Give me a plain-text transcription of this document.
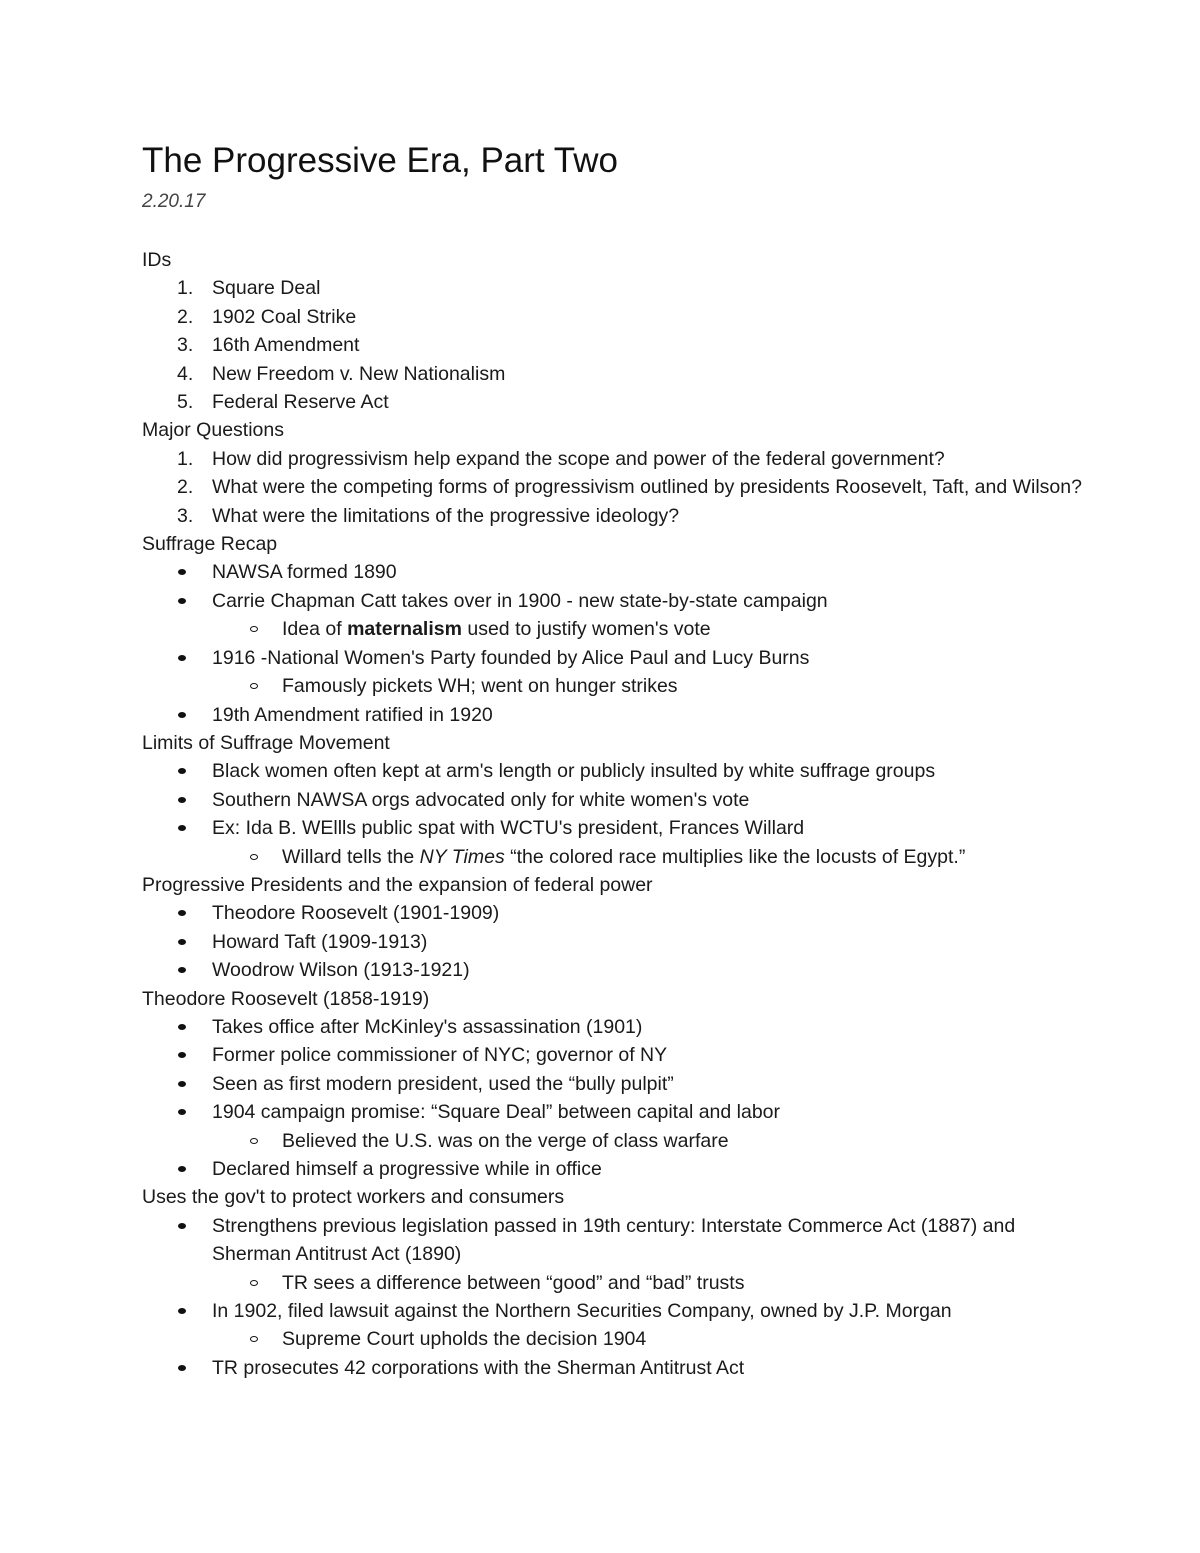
The Progressive Era, Part Two
2.20.17
IDs
1. Square Deal
2. 1902 Coal Strike
3. 16th Amendment
4. New Freedom v. New Nationalism
5. Federal Reserve Act
Major Questions
1. How did progressivism help expand the scope and power of the federal government?
2. What were the competing forms of progressivism outlined by presidents Roosevelt, Taft, and Wilson?
3. What were the limitations of the progressive ideology?
Suffrage Recap
NAWSA formed 1890
Carrie Chapman Catt takes over in 1900 - new state-by-state campaign
Idea of maternalism used to justify women's vote
1916 -National Women's Party founded by Alice Paul and Lucy Burns
Famously pickets WH; went on hunger strikes
19th Amendment ratified in 1920
Limits of Suffrage Movement
Black women often kept at arm's length or publicly insulted by white suffrage groups
Southern NAWSA orgs advocated only for white women's vote
Ex: Ida B. WEllls public spat with WCTU's president, Frances Willard
Willard tells the NY Times “the colored race multiplies like the locusts of Egypt.”
Progressive Presidents and the expansion of federal power
Theodore Roosevelt (1901-1909)
Howard Taft (1909-1913)
Woodrow Wilson (1913-1921)
Theodore Roosevelt (1858-1919)
Takes office after McKinley's assassination (1901)
Former police commissioner of NYC; governor of NY
Seen as first modern president, used the “bully pulpit”
1904 campaign promise: “Square Deal” between capital and labor
Believed the U.S. was on the verge of class warfare
Declared himself a progressive while in office
Uses the gov't to protect workers and consumers
Strengthens previous legislation passed in 19th century: Interstate Commerce Act (1887) and Sherman Antitrust Act (1890)
TR sees a difference between “good” and “bad” trusts
In 1902, filed lawsuit against the Northern Securities Company, owned by J.P. Morgan
Supreme Court upholds the decision 1904
TR prosecutes 42 corporations with the Sherman Antitrust Act
